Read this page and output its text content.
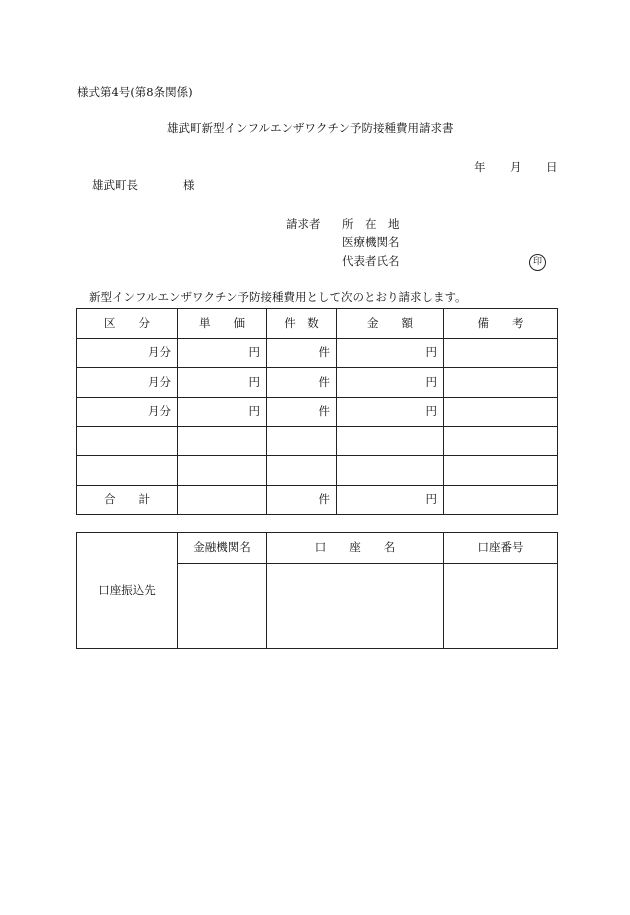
様式第4号(第8条関係)
雄武町新型インフルエンザワクチン予防接種費用請求書
年 月 日
雄武町長	様
請求者 所　在　地
医療機関名
代表者氏名	印
新型インフルエンザワクチン予防接種費用として次のとおり請求します。
区　　分	単　　価	件　数	金　　額	備　　考
月分	円	件	円	
月分	円	件	円	
月分	円	件	円	

合　　計		件	円	
口座振込先	金融機関名	口　　座　　名	口座番号
